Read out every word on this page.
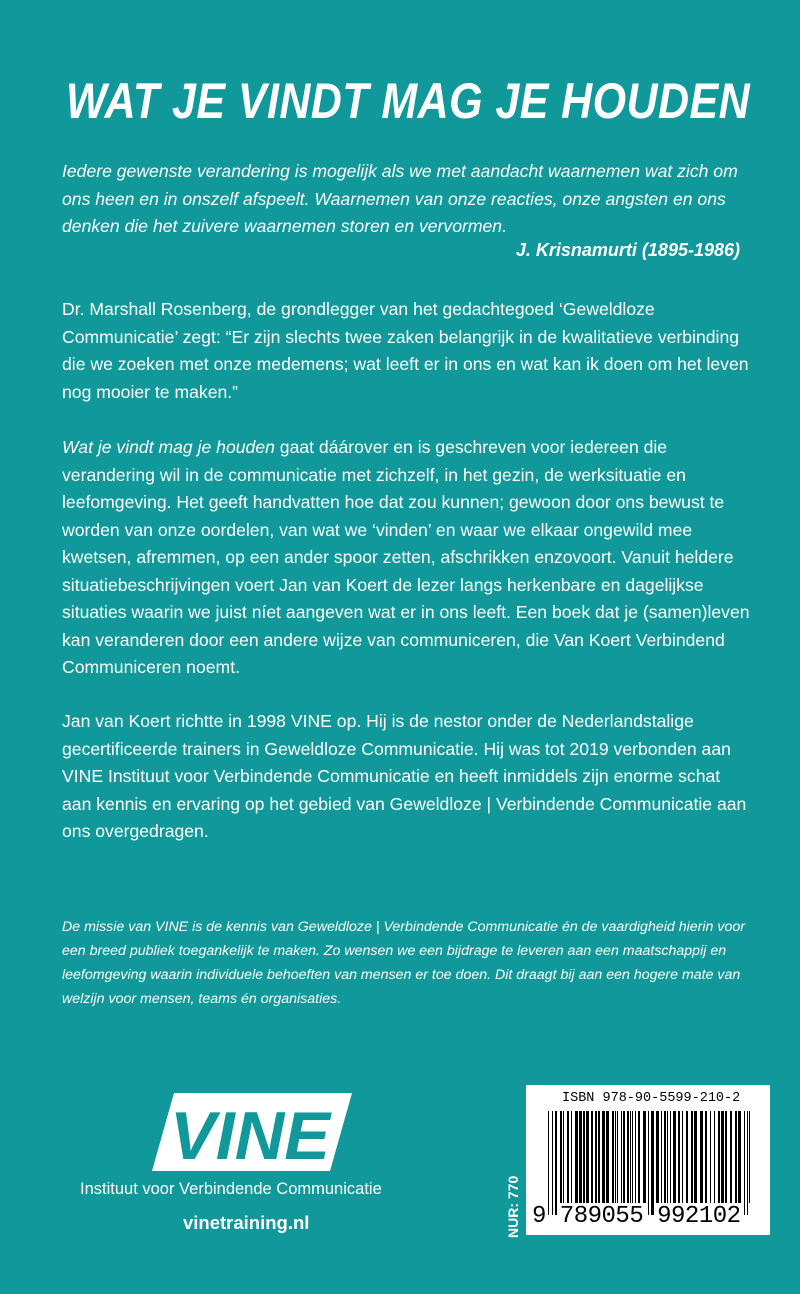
WAT JE VINDT MAG JE HOUDEN

Iedere gewenste verandering is mogelijk als we met aandacht waarnemen wat zich om ons heen en in onszelf afspeelt. Waarnemen van onze reacties, onze angsten en ons denken die het zuivere waarnemen storen en vervormen.

J. Krisnamurti (1895-1986)

Dr. Marshall Rosenberg, de grondlegger van het gedachtegoed ‘Geweldloze Communicatie’ zegt: “Er zijn slechts twee zaken belangrijk in de kwalitatieve verbinding die we zoeken met onze medemens; wat leeft er in ons en wat kan ik doen om het leven nog mooier te maken.”

Wat je vindt mag je houden gaat dáárover en is geschreven voor iedereen die verandering wil in de communicatie met zichzelf, in het gezin, de werksituatie en leefomgeving. Het geeft handvatten hoe dat zou kunnen; gewoon door ons bewust te worden van onze oordelen, van wat we ‘vinden’ en waar we elkaar ongewild mee kwetsen, afremmen, op een ander spoor zetten, afschrikken enzovoort. Vanuit heldere situatiebeschrijvingen voert Jan van Koert de lezer langs herkenbare en dagelijkse situaties waarin we juist níet aangeven wat er in ons leeft. Een boek dat je (samen)leven kan veranderen door een andere wijze van communiceren, die Van Koert Verbindend Communiceren noemt.

Jan van Koert richtte in 1998 VINE op. Hij is de nestor onder de Nederlandstalige gecertificeerde trainers in Geweldloze Communicatie. Hij was tot 2019 verbonden aan VINE Instituut voor Verbindende Communicatie en heeft inmiddels zijn enorme schat aan kennis en ervaring op het gebied van Geweldloze | Verbindende Communicatie aan ons overgedragen.

De missie van VINE is de kennis van Geweldloze | Verbindende Communicatie én de vaardigheid hierin voor een breed publiek toegankelijk te maken. Zo wensen we een bijdrage te leveren aan een maatschappij en leefomgeving waarin individuele behoeften van mensen er toe doen. Dit draagt bij aan een hogere mate van welzijn voor mensen, teams én organisaties.

VINE

Instituut voor Verbindende Communicatie

vinetraining.nl	NUR: 770

ISBN 978-90-5599-210-2
9 789055 992102
